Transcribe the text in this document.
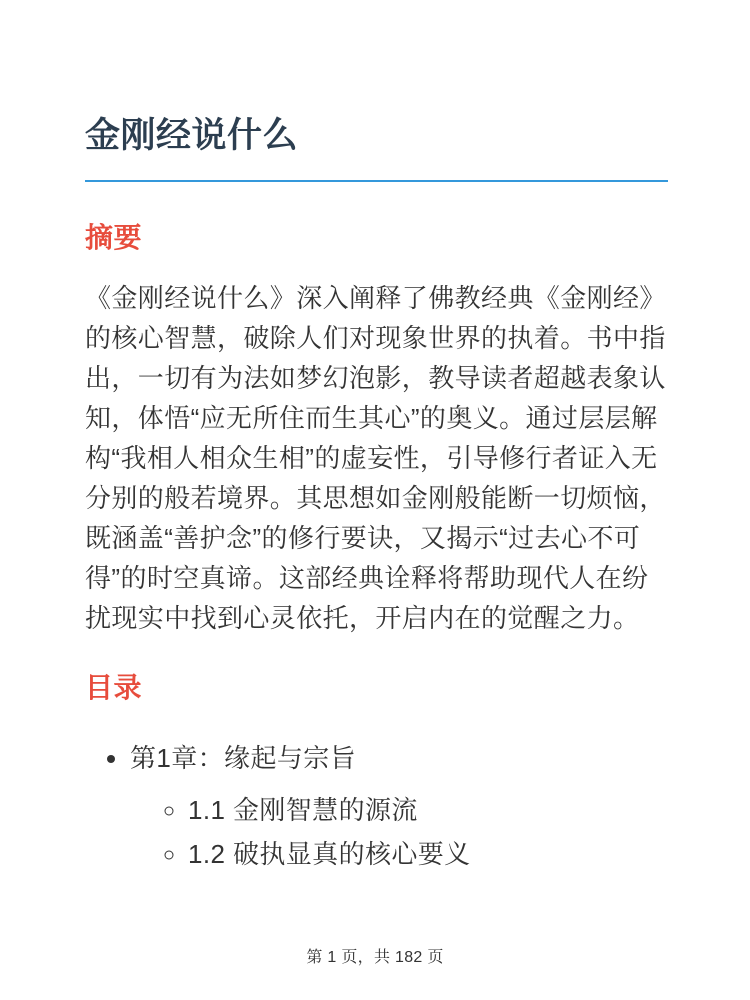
金刚经说什么
摘要

《金刚经说什么》深入阐释了佛教经典《金刚经》的核心智慧，破除人们对现象世界的执着。书中指出，一切有为法如梦幻泡影，教导读者超越表象认知，体悟“应无所住而生其心”的奥义。通过层层解构“我相人相众生相”的虚妄性，引导修行者证入无分别的般若境界。其思想如金刚般能断一切烦恼，既涵盖“善护念”的修行要诀，又揭示“过去心不可得”的时空真谛。这部经典诠释将帮助现代人在纷扰现实中找到心灵依托，开启内在的觉醒之力。

目录
• 第1章：缘起与宗旨
◦ 1.1 金刚智慧的源流
◦ 1.2 破执显真的核心要义
第 1 页，共 182 页
